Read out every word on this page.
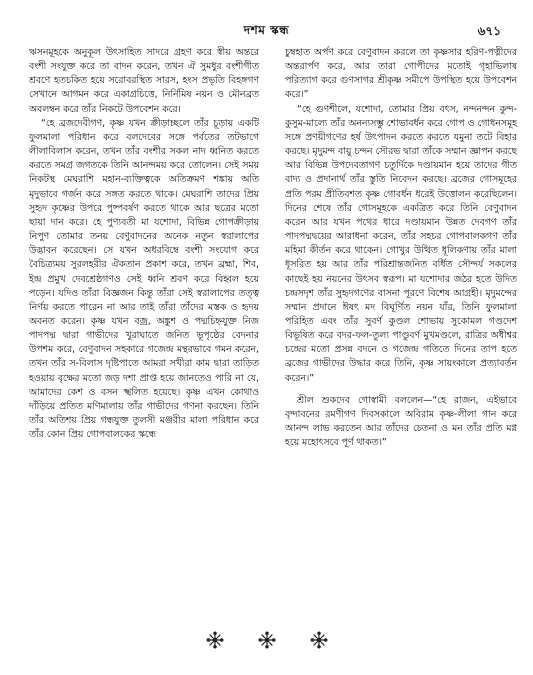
দশম স্কন্ধ	৬৭১

ঋসনমূহকে অনুকূল উৎসাহিত সাদরে গ্রহণ করে স্বীয় অন্তরে বংশী সংযুক্ত করে তা বাদন করেন, তখন ঐ সুমধুর বংশীগীত শ্রবণে হতচকিত হয়ে সরোবরস্থিত সারস, হংস প্রভৃতি বিহঙ্গগণ সেখানে আগমন করে একাগ্রচিত্তে, নির্নিমিষ নয়ন ও মৌনব্রত অবলম্বন করে তাঁর নিকটে উপবেশন করে।

“হে ব্রজদেবীগণ, কৃষ্ণ যখন ক্রীড়াচ্ছলে তাঁর চূড়ায় একটি ফুলমালা পরিধান করে বলদেবের সঙ্গে পর্বতের তটভাগে লীলাবিলাস করেন, তখন তাঁর বংশীর সকল নাদ ধ্বনিত করতে করতে সমগ্র জগতকে তিনি আনন্দময় করে তোলেন। সেই সময় নিকটস্থ মেঘরাশি মহান-ব্যক্তিত্বকে অতিক্রমণ শঙ্কায় অতি মৃদুভাবে গর্জন করে সঙ্গত করতে থাকে। মেঘরাশি তাদের প্রিয় সুহৃদ কৃষ্ণের উপরে পুষ্পবর্ষণ করতে থাকে আর ছত্রের মতো ছায়া দান করে। হে পুণ্যবতী মা যশোদা, বিভিন্ন গোপক্রীড়ায় নিপুণ তোমার তনয় বেণুবাদনের অনেক নতুন স্বরালাপের উদ্ভাবন করেছেন। সে যখন অধরবিম্বে বংশী সংযোগ করে বৈচিত্র্যময় সুরলহরীর ঐকতান প্রকাশ করে, তখন ব্রহ্মা, শিব, ইন্দ্র প্রমুখ দেবশ্রেষ্ঠগণও সেই ধ্বনি শ্রবণ করে বিহ্বল হয়ে পড়েন। যদিও তাঁরা বিজ্ঞজন কিন্তু তাঁরা সেই স্বরালাপের তত্ত্ব নির্ণয় করতে পারেন না আর তাই তাঁরা তাঁদের মস্তক ও হৃদয় অবনত করেন। কৃষ্ণ যখন বজ্র, অঙ্কুশ ও পদ্মচিহ্নযুক্ত নিজ পাদপদ্ম দ্বারা গাভীদের খুরাঘাতে জনিত ভূপৃষ্ঠের বেদনার উপশম করে, বেণুবাদন সহকারে গজেন্দ্র মন্থরভাবে গমন করেন, তখন তাঁর স-বিলাস দৃষ্টিপাতে আমরা সখীরা কাম দ্বারা তাড়িত হওয়ায় বৃক্ষের মতো জড় দশা প্রাপ্ত হয়ে জানতেও পারি না যে, আমাদের কেশ ও বসন স্খলিত হয়েছে। কৃষ্ণ এখন কোথাও দাঁড়িয়ে প্রতিত মণিমালায় তাঁর গাভীদের গণনা করছেন। তিনি তাঁর অতিশয় প্রিয় গন্ধযুক্ত তুলসী মঞ্জরীর মালা পরিধান করে তাঁর কোন প্রিয় গোপবালকের স্কন্ধে

চুম্বহাত অর্পণ করে বেণুবাদন করলে তা কৃষ্ণসার হরিণ-পত্নীদের অন্তরার্পণ করে, আর তারা গোপীদের মতোই গৃহাভিলাষ পরিত্যাগ করে গুণসাগর শ্রীকৃষ্ণ সমীপে উপস্থিত হয়ে উপবেশন করে।”

“হে গুণশীলে, যশোদা, তোমার প্রিয় বৎস, নন্দনন্দন কুন্দ-কুসুম-মাল্যে তাঁর অনন্যসম্ভু শোভাবর্ধন করে গোপ ও গোধনসমূহ সঙ্গে প্রণয়ীগণের হর্ষ উৎপাদন করতে করতে যমুনা তটে বিহার করছে। মৃদুমন্দ বায়ু চন্দন সৌরভ দ্বারা তাঁকে সম্মান জ্ঞাপন করছে আর বিভিন্ন উপদেবতাগণ চতুর্দিকে দণ্ডায়মান হয়ে তাদের গীত বাদ্য ও প্রদানার্থ তাঁর স্তুতি নিবেদন করছে। ব্রজের গোসমূহের প্রতি পরম প্রীতিবশত কৃষ্ণ গোবর্ধন ধরেই উত্তোলন করেছিলেন। দিনের শেষে তাঁর গোসমূহকে একত্রিত করে তিনি বেণুবাদন করেন আর যখন পথের ধারে দণ্ডায়মান উন্নত দেবগণ তাঁর পাদপদ্মদ্বয়ের আরাধনা করেন, তাঁর সহচর গোপবালকগণ তাঁর মহিমা কীর্তন করে থাকেন। গোখুর উত্থিত ধূলিকণায় তাঁর মালা ধূসরিত হয় আর তাঁর পরিশ্রান্তজনিত বর্ধিত সৌন্দর্য সকলের কাছেই হয় নয়নের উৎসব স্বরূপ। মা যশোদার জঠর হতে উদিত চন্দ্রসদৃশ তাঁর সুহৃদগণের বাসনা পূরণে বিশেষ আগ্রহী। মৃদুমন্দের সম্মান প্রদানে ঈষৎ মদ বিঘূর্ণিত নয়ন যাঁর, তিনি ফুলমালা পরিহিত এবং তাঁর সুবর্ণ কুণ্ডল শোভায় সুকোমল গণ্ডদেশ বিভূষিত করে বদর-ফল-তুল্য পাণ্ডুবর্ণ মুখমণ্ডলে, রাত্রির অধীশ্বর চন্দ্রের মতো প্রসন্ন বদনে ও গজেন্দ্র গতিতে দিনের তাপ হতে ব্রজের গাভীদের উদ্ধার করে তিনি, কৃষ্ণ সায়ংকালে প্রত্যাবর্তন করেন।”

শ্রীল শুকদেব গোস্বামী বললেন—“হে রাজন, এইভাবে বৃন্দাবনের রমণীগণ দিবসকালে অবিরাম কৃষ্ণ-লীলা গান করে আনন্দ লাভ করতেন আর তাঁদের চেতনা ও মন তাঁর প্রতি মগ্ন হয়ে মহোৎসবে পূর্ণ থাকত।”
